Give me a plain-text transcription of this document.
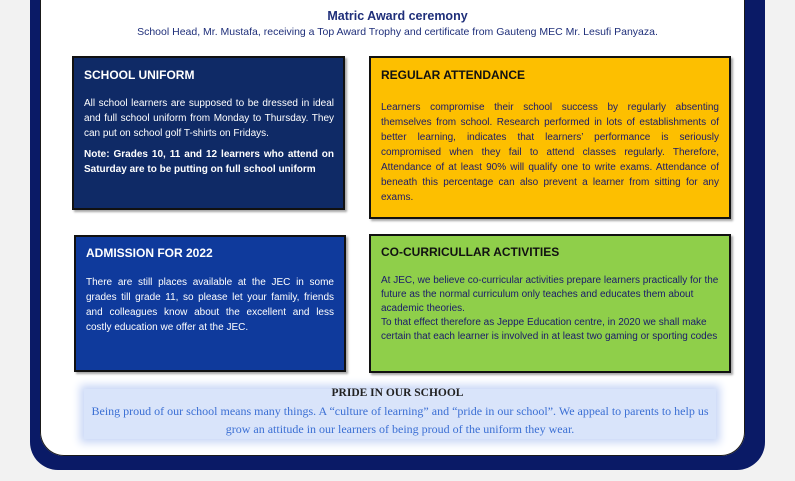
Matric Award ceremony
School Head, Mr. Mustafa, receiving a Top Award Trophy and certificate from Gauteng MEC Mr. Lesufi Panyaza.
SCHOOL UNIFORM

All school learners are supposed to be dressed in ideal and full school uniform from Monday to Thursday. They can put on school golf T-shirts on Fridays.

Note: Grades 10, 11 and 12 learners who attend on Saturday are to be putting on full school uniform

REGULAR ATTENDANCE

Learners compromise their school success by regularly absenting themselves from school. Research performed in lots of establishments of better learning, indicates that learners’ performance is seriously compromised when they fail to attend classes regularly. Therefore, Attendance of at least 90% will qualify one to write exams. Attendance of beneath this percentage can also prevent a learner from sitting for any exams.

ADMISSION FOR 2022

There are still places available at the JEC in some grades till grade 11, so please let your family, friends and colleagues know about the excellent and less costly education we offer at the JEC.

CO-CURRICULLAR ACTIVITIES

At JEC, we believe co-curricular activities prepare learners practically for the future as the normal curriculum only teaches and educates them about academic theories.

To that effect therefore as Jeppe Education centre, in 2020 we shall make certain that each learner is involved in at least two gaming or sporting codes

PRIDE IN OUR SCHOOL
Being proud of our school means many things. A “culture of learning” and “pride in our school”. We appeal to parents to help us grow an attitude in our learners of being proud of the uniform they wear.
